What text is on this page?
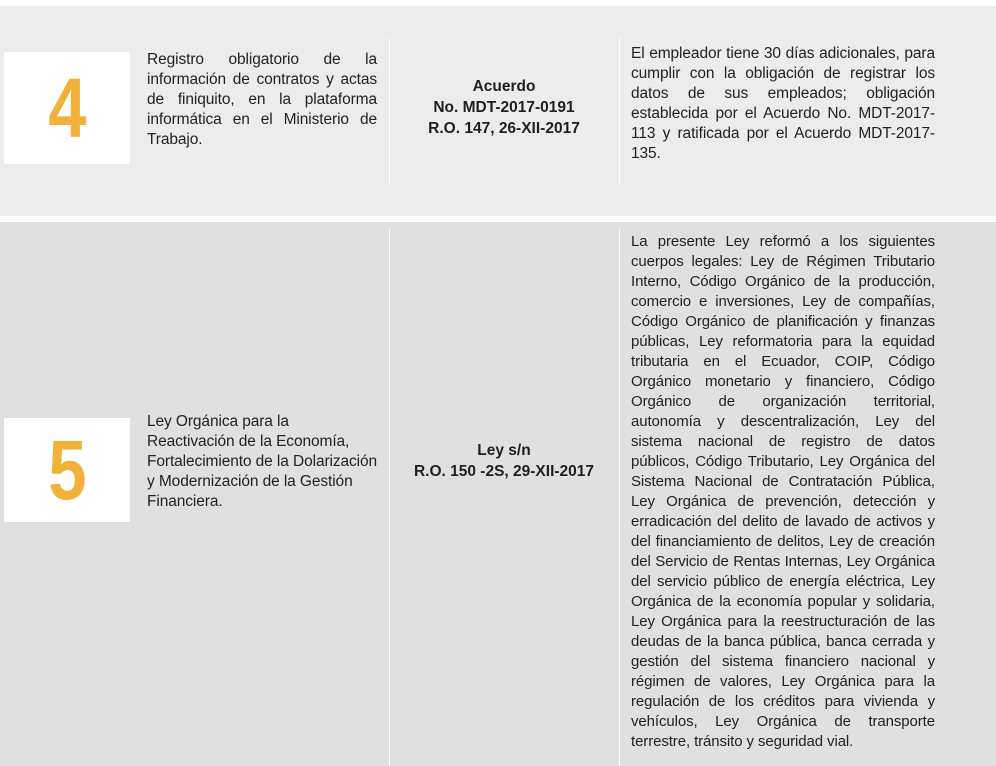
4
Registro obligatorio de la información de contratos y actas de finiquito, en la plataforma informática en el Ministerio de Trabajo.
Acuerdo
No. MDT-2017-0191
R.O. 147, 26-XII-2017
El empleador tiene 30 días adicionales, para cumplir con la obligación de registrar los datos de sus empleados; obligación establecida por el Acuerdo No. MDT-2017-113 y ratificada por el Acuerdo MDT-2017-135.
5
Ley Orgánica para la Reactivación de la Economía, Fortalecimiento de la Dolarización y Modernización de la Gestión Financiera.
Ley s/n
R.O. 150 -2S, 29-XII-2017
La presente Ley reformó a los siguientes cuerpos legales: Ley de Régimen Tributario Interno, Código Orgánico de la producción, comercio e inversiones, Ley de compañías, Código Orgánico de planificación y finanzas públicas, Ley reformatoria para la equidad tributaria en el Ecuador, COIP, Código Orgánico monetario y financiero, Código Orgánico de organización territorial, autonomía y descentralización, Ley del sistema nacional de registro de datos públicos, Código Tributario, Ley Orgánica del Sistema Nacional de Contratación Pública, Ley Orgánica de prevención, detección y erradicación del delito de lavado de activos y del financiamiento de delitos, Ley de creación del Servicio de Rentas Internas, Ley Orgánica del servicio público de energía eléctrica, Ley Orgánica de la economía popular y solidaria, Ley Orgánica para la reestructuración de las deudas de la banca pública, banca cerrada y gestión del sistema financiero nacional y régimen de valores, Ley Orgánica para la regulación de los créditos para vivienda y vehículos, Ley Orgánica de transporte terrestre, tránsito y seguridad vial.
